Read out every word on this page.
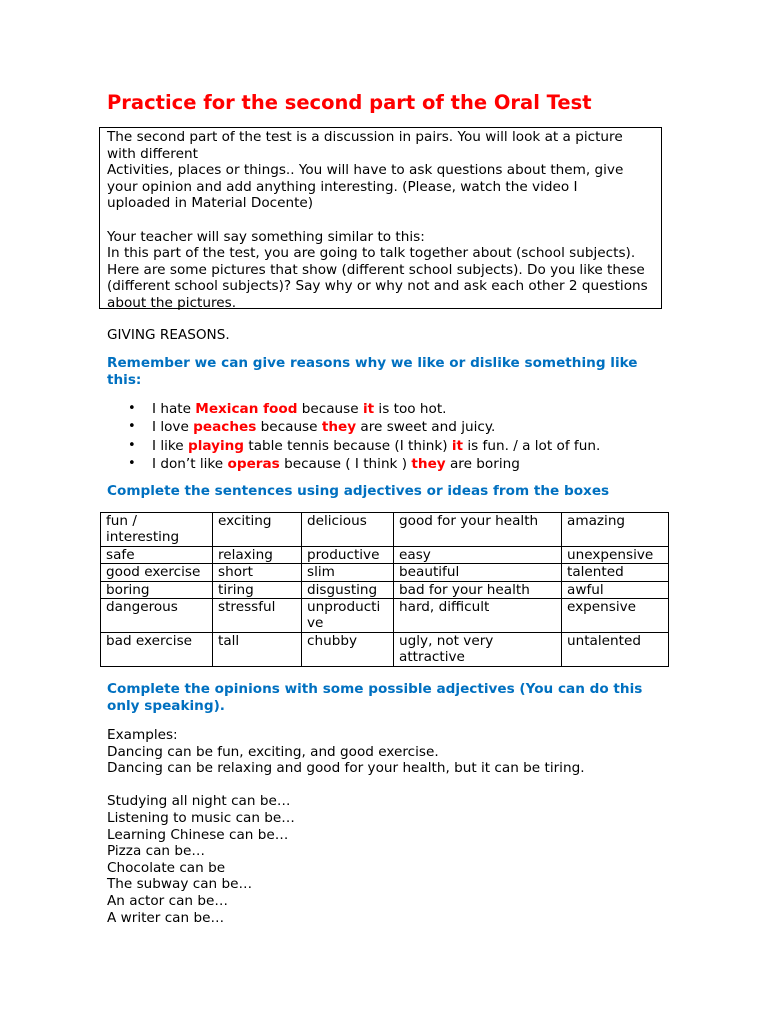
Practice for the second part of the Oral Test
The second part of the test is a discussion in pairs. You will look at a picture
with different
Activities, places or things.. You will have to ask questions about them, give
your opinion and add anything interesting. (Please, watch the video I
uploaded in Material Docente)
Your teacher will say something similar to this:
In this part of the test, you are going to talk together about (school subjects).
Here are some pictures that show (different school subjects). Do you like these
(different school subjects)? Say why or why not and ask each other 2 questions
about the pictures.
GIVING REASONS.
Remember we can give reasons why we like or dislike something like this:
• I hate Mexican food because it is too hot.
• I love peaches because they are sweet and juicy.
• I like playing table tennis because (I think) it is fun. / a lot of fun.
• I don’t like operas because ( I think ) they are boring
Complete the sentences using adjectives or ideas from the boxes
fun / interesting	exciting	delicious	good for your health	amazing
safe	relaxing	productive	easy	unexpensive
good exercise	short	slim	beautiful	talented
boring	tiring	disgusting	bad for your health	awful
dangerous	stressful	unproducti ve	hard, difficult	expensive
bad exercise	tall	chubby	ugly, not very attractive	untalented
Complete the opinions with some possible adjectives (You can do this only speaking).
Examples:
Dancing can be fun, exciting, and good exercise.
Dancing can be relaxing and good for your health, but it can be tiring.
Studying all night can be…
Listening to music can be…
Learning Chinese can be…
Pizza can be…
Chocolate can be
The subway can be…
An actor can be…
A writer can be…
